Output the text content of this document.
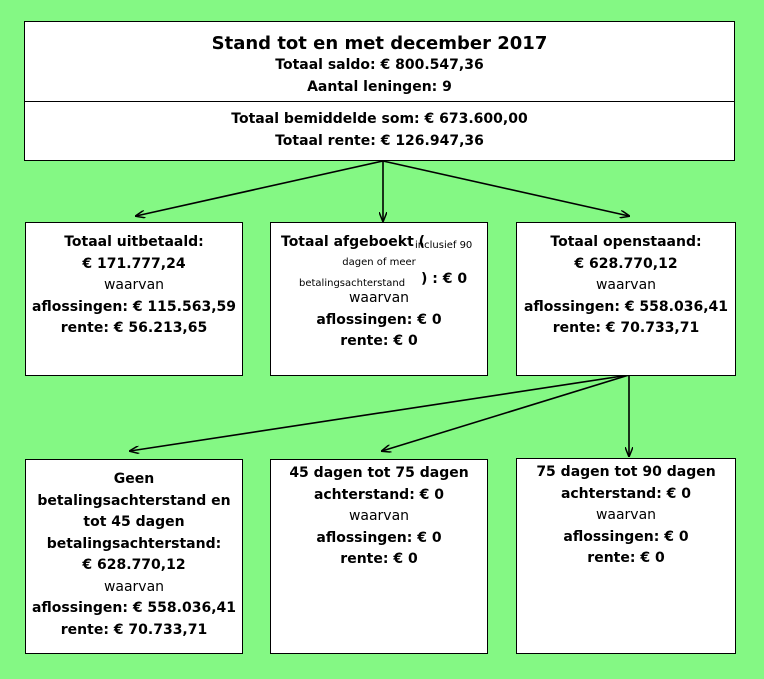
Stand tot en met december 2017
Totaal saldo: € 800.547,36
Aantal leningen: 9
Totaal bemiddelde som: € 673.600,00
Totaal rente: € 126.947,36
Totaal uitbetaald:
€ 171.777,24
waarvan
aflossingen: € 115.563,59
rente: € 56.213,65
Totaal afgeboekt (
inclusief 90
dagen of meer
betalingsachterstand ) : € 0
waarvan
aflossingen: € 0
rente: € 0
Totaal openstaand:
€ 628.770,12
waarvan
aflossingen: € 558.036,41
rente: € 70.733,71
Geen
betalingsachterstand en
tot 45 dagen
betalingsachterstand:
€ 628.770,12
waarvan
aflossingen: € 558.036,41
rente: € 70.733,71
45 dagen tot 75 dagen
achterstand: € 0
waarvan
aflossingen: € 0
rente: € 0
75 dagen tot 90 dagen
achterstand: € 0
waarvan
aflossingen: € 0
rente: € 0
